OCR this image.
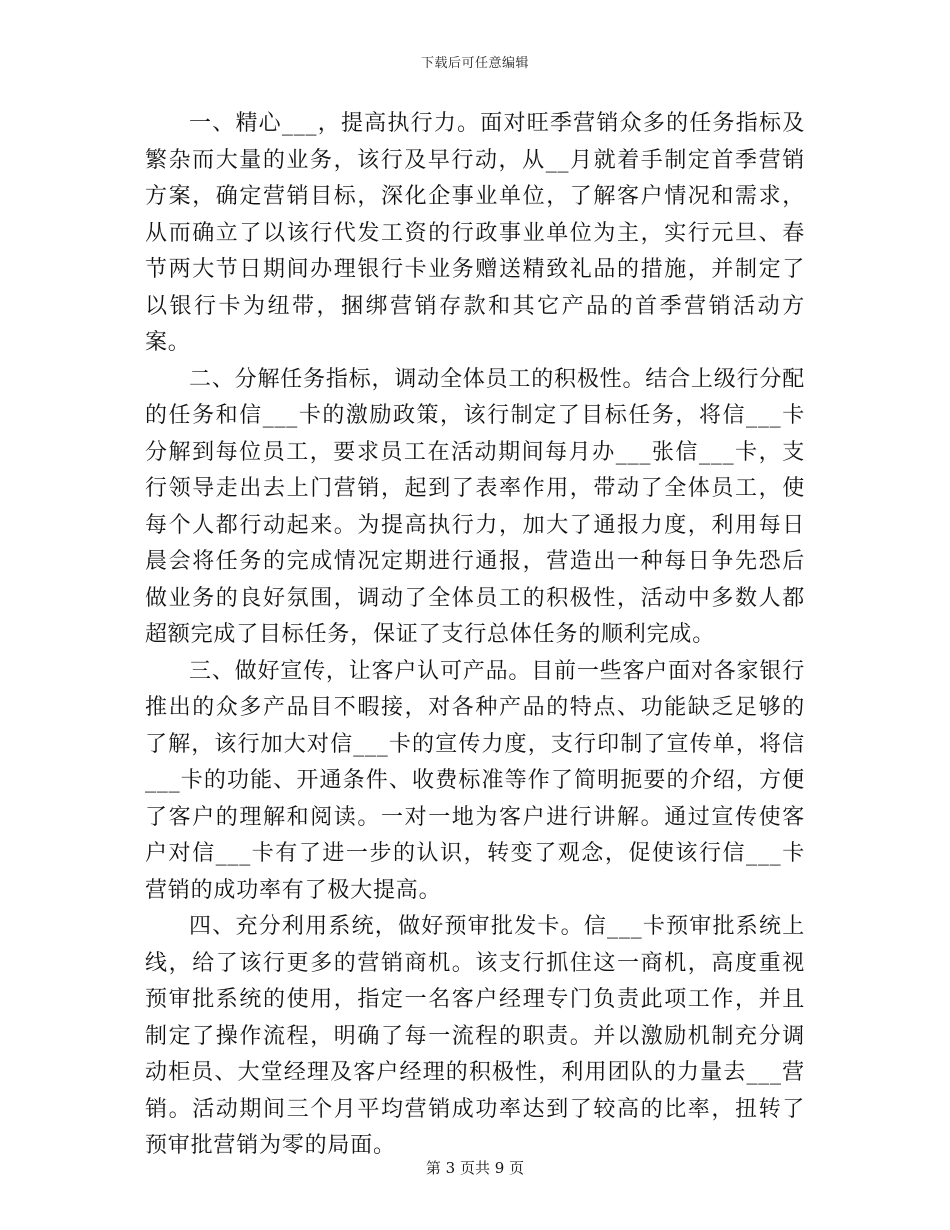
下载后可任意编辑

一、精心___，提高执行力。面对旺季营销众多的任务指标及繁杂而大量的业务，该行及早行动，从__月就着手制定首季营销方案，确定营销目标，深化企事业单位，了解客户情况和需求，从而确立了以该行代发工资的行政事业单位为主，实行元旦、春节两大节日期间办理银行卡业务赠送精致礼品的措施，并制定了以银行卡为纽带，捆绑营销存款和其它产品的首季营销活动方案。

二、分解任务指标，调动全体员工的积极性。结合上级行分配的任务和信___卡的激励政策，该行制定了目标任务，将信___卡分解到每位员工，要求员工在活动期间每月办___张信___卡，支行领导走出去上门营销，起到了表率作用，带动了全体员工，使每个人都行动起来。为提高执行力，加大了通报力度，利用每日晨会将任务的完成情况定期进行通报，营造出一种每日争先恐后做业务的良好氛围，调动了全体员工的积极性，活动中多数人都超额完成了目标任务，保证了支行总体任务的顺利完成。

三、做好宣传，让客户认可产品。目前一些客户面对各家银行推出的众多产品目不暇接，对各种产品的特点、功能缺乏足够的了解，该行加大对信___卡的宣传力度，支行印制了宣传单，将信___卡的功能、开通条件、收费标准等作了简明扼要的介绍，方便了客户的理解和阅读。一对一地为客户进行讲解。通过宣传使客户对信___卡有了进一步的认识，转变了观念，促使该行信___卡营销的成功率有了极大提高。

四、充分利用系统，做好预审批发卡。信___卡预审批系统上线，给了该行更多的营销商机。该支行抓住这一商机，高度重视预审批系统的使用，指定一名客户经理专门负责此项工作，并且制定了操作流程，明确了每一流程的职责。并以激励机制充分调动柜员、大堂经理及客户经理的积极性，利用团队的力量去___营销。活动期间三个月平均营销成功率达到了较高的比率，扭转了预审批营销为零的局面。

第 3 页共 9 页
